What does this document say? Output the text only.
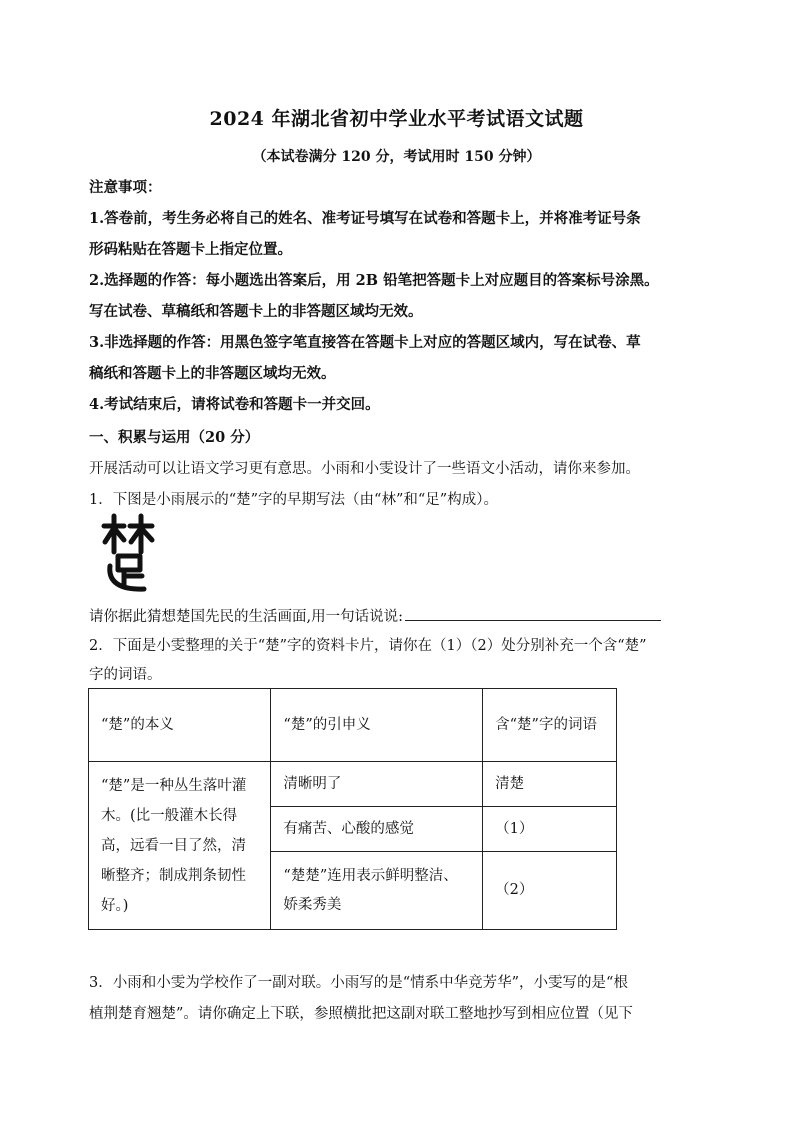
2024 年湖北省初中学业水平考试语文试题
（本试卷满分 120 分，考试用时 150 分钟）
注意事项：
1.答卷前，考生务必将自己的姓名、准考证号填写在试卷和答题卡上，并将准考证号条
形码粘贴在答题卡上指定位置。
2.选择题的作答：每小题选出答案后，用 2B 铅笔把答题卡上对应题目的答案标号涂黑。
写在试卷、草稿纸和答题卡上的非答题区域均无效。
3.非选择题的作答：用黑色签字笔直接答在答题卡上对应的答题区域内，写在试卷、草
稿纸和答题卡上的非答题区域均无效。
4.考试结束后，请将试卷和答题卡一并交回。
一、积累与运用（20 分）
开展活动可以让语文学习更有意思。小雨和小雯设计了一些语文小活动，请你来参加。
1．下图是小雨展示的“楚”字的早期写法（由“林”和“足”构成）。
请你据此猜想楚国先民的生活画面,用一句话说说:
2．下面是小雯整理的关于“楚”字的资料卡片，请你在（1）（2）处分别补充一个含“楚”
字的词语。
“楚”的本义	“楚”的引申义	含“楚”字的词语
“楚”是一种丛生落叶灌木。(比一般灌木长得高，远看一目了然，清晰整齐；制成荆条韧性好。)	清晰明了	清楚
	有痛苦、心酸的感觉	（1）
	“楚楚”连用表示鲜明整洁、娇柔秀美	（2）
3．小雨和小雯为学校作了一副对联。小雨写的是“情系中华竞芳华”，小雯写的是“根
植荆楚育翘楚”。请你确定上下联，参照横批把这副对联工整地抄写到相应位置（见下
